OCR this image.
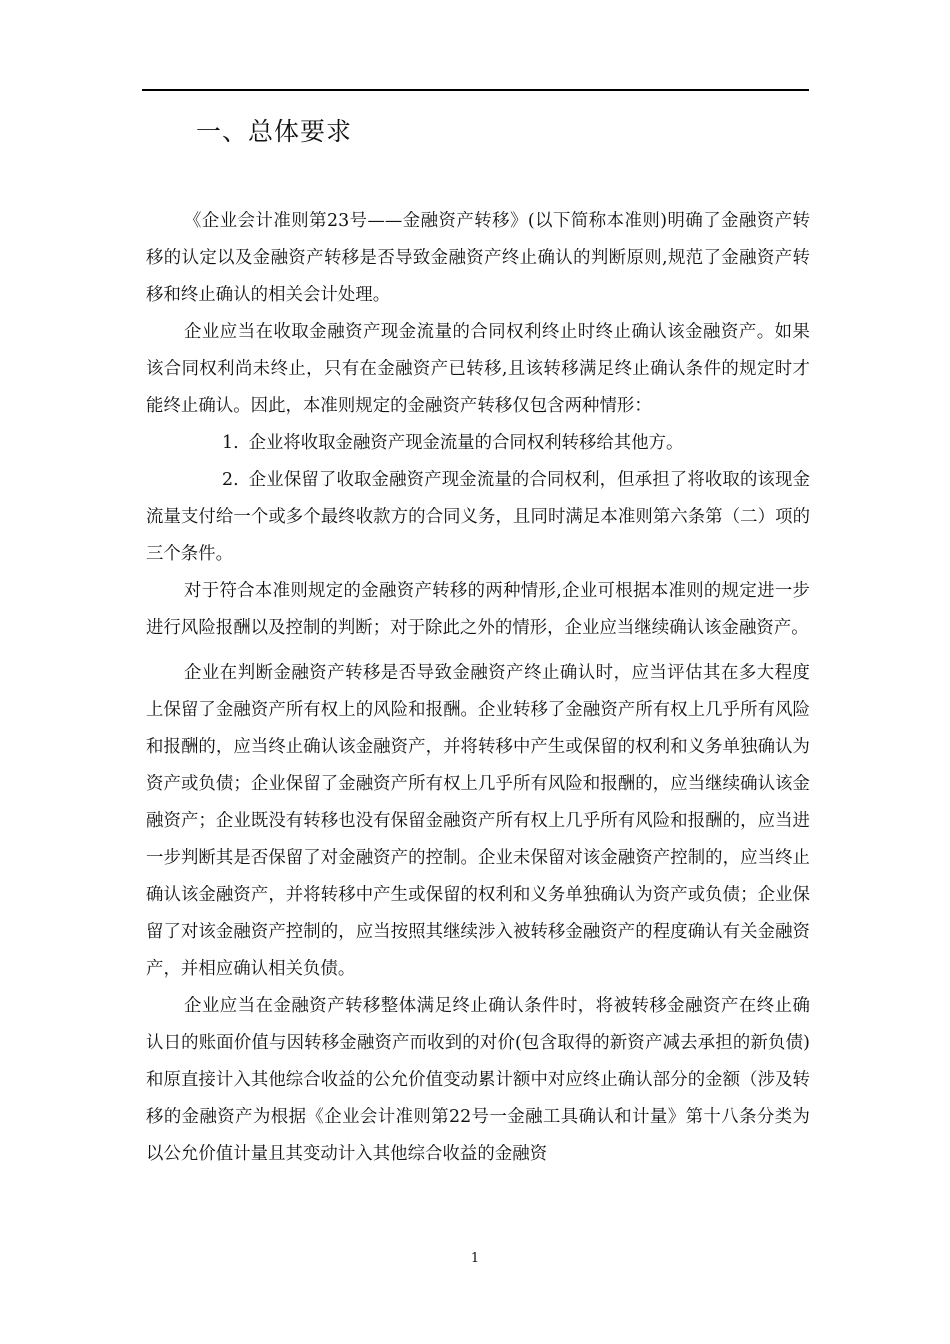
一、总体要求

《企业会计准则第23号——金融资产转移》(以下简称本准则)明确了金融资产转移的认定以及金融资产转移是否导致金融资产终止确认的判断原则,规范了金融资产转移和终止确认的相关会计处理。

企业应当在收取金融资产现金流量的合同权利终止时终止确认该金融资产。如果该合同权利尚未终止，只有在金融资产已转移,且该转移满足终止确认条件的规定时才能终止确认。因此，本准则规定的金融资产转移仅包含两种情形：

1. 企业将收取金融资产现金流量的合同权利转移给其他方。

2. 企业保留了收取金融资产现金流量的合同权利，但承担了将收取的该现金流量支付给一个或多个最终收款方的合同义务，且同时满足本准则第六条第（二）项的三个条件。

对于符合本准则规定的金融资产转移的两种情形,企业可根据本准则的规定进一步进行风险报酬以及控制的判断；对于除此之外的情形，企业应当继续确认该金融资产。

企业在判断金融资产转移是否导致金融资产终止确认时，应当评估其在多大程度上保留了金融资产所有权上的风险和报酬。企业转移了金融资产所有权上几乎所有风险和报酬的，应当终止确认该金融资产，并将转移中产生或保留的权利和义务单独确认为资产或负债；企业保留了金融资产所有权上几乎所有风险和报酬的，应当继续确认该金融资产；企业既没有转移也没有保留金融资产所有权上几乎所有风险和报酬的，应当进一步判断其是否保留了对金融资产的控制。企业未保留对该金融资产控制的，应当终止确认该金融资产，并将转移中产生或保留的权利和义务单独确认为资产或负债；企业保留了对该金融资产控制的，应当按照其继续涉入被转移金融资产的程度确认有关金融资产，并相应确认相关负债。

企业应当在金融资产转移整体满足终止确认条件时，将被转移金融资产在终止确认日的账面价值与因转移金融资产而收到的对价(包含取得的新资产减去承担的新负债)和原直接计入其他综合收益的公允价值变动累计额中对应终止确认部分的金额（涉及转移的金融资产为根据《企业会计准则第22号一金融工具确认和计量》第十八条分类为以公允价值计量且其变动计入其他综合收益的金融资

1
